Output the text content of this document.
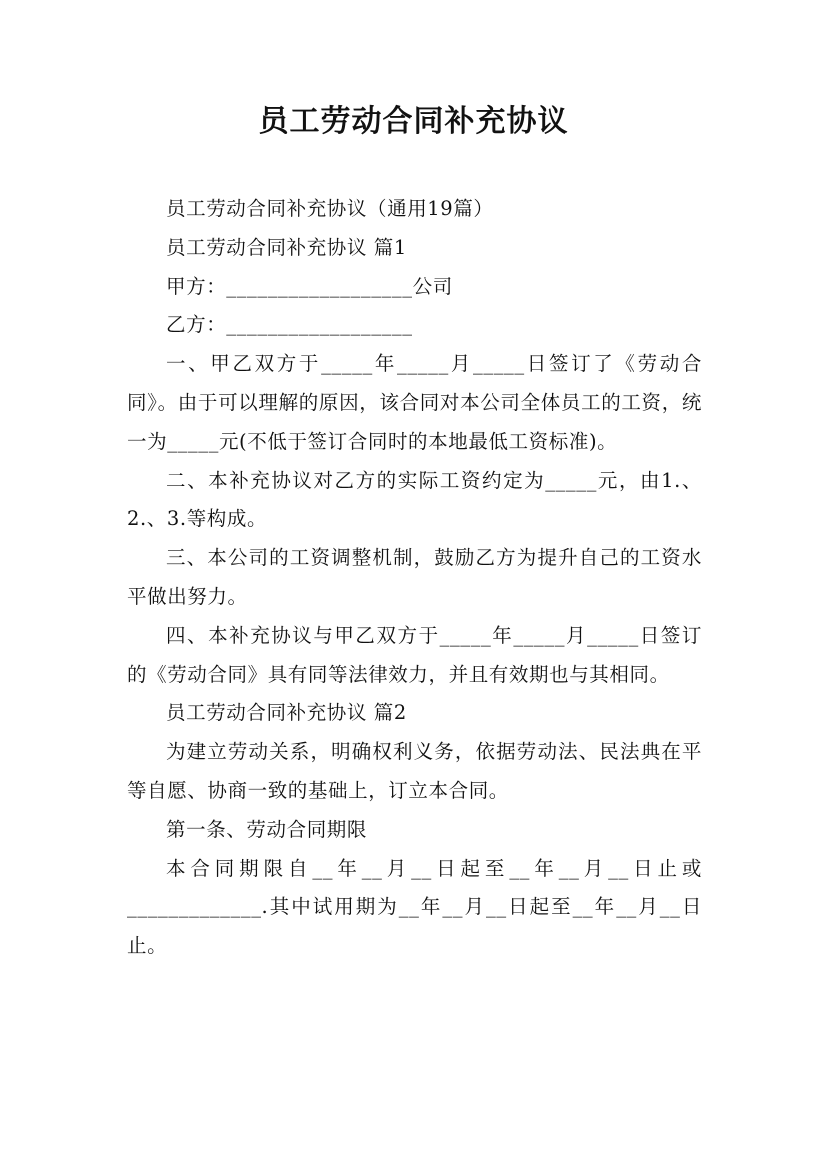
员工劳动合同补充协议

员工劳动合同补充协议（通用19篇）

员工劳动合同补充协议 篇1

甲方：__________________公司

乙方：__________________

一、甲乙双方于_____年_____月_____日签订了《劳动合同》。由于可以理解的原因，该合同对本公司全体员工的工资，统一为_____元(不低于签订合同时的本地最低工资标准)。

二、本补充协议对乙方的实际工资约定为_____元，由1.、2.、3.等构成。

三、本公司的工资调整机制，鼓励乙方为提升自己的工资水平做出努力。

四、本补充协议与甲乙双方于_____年_____月_____日签订的《劳动合同》具有同等法律效力，并且有效期也与其相同。

员工劳动合同补充协议 篇2

为建立劳动关系，明确权利义务，依据劳动法、民法典在平等自愿、协商一致的基础上，订立本合同。

第一条、劳动合同期限

本合同期限自__年__月__日起至__年__月__日止或_____________.其中试用期为__年__月__日起至__年__月__日止。
